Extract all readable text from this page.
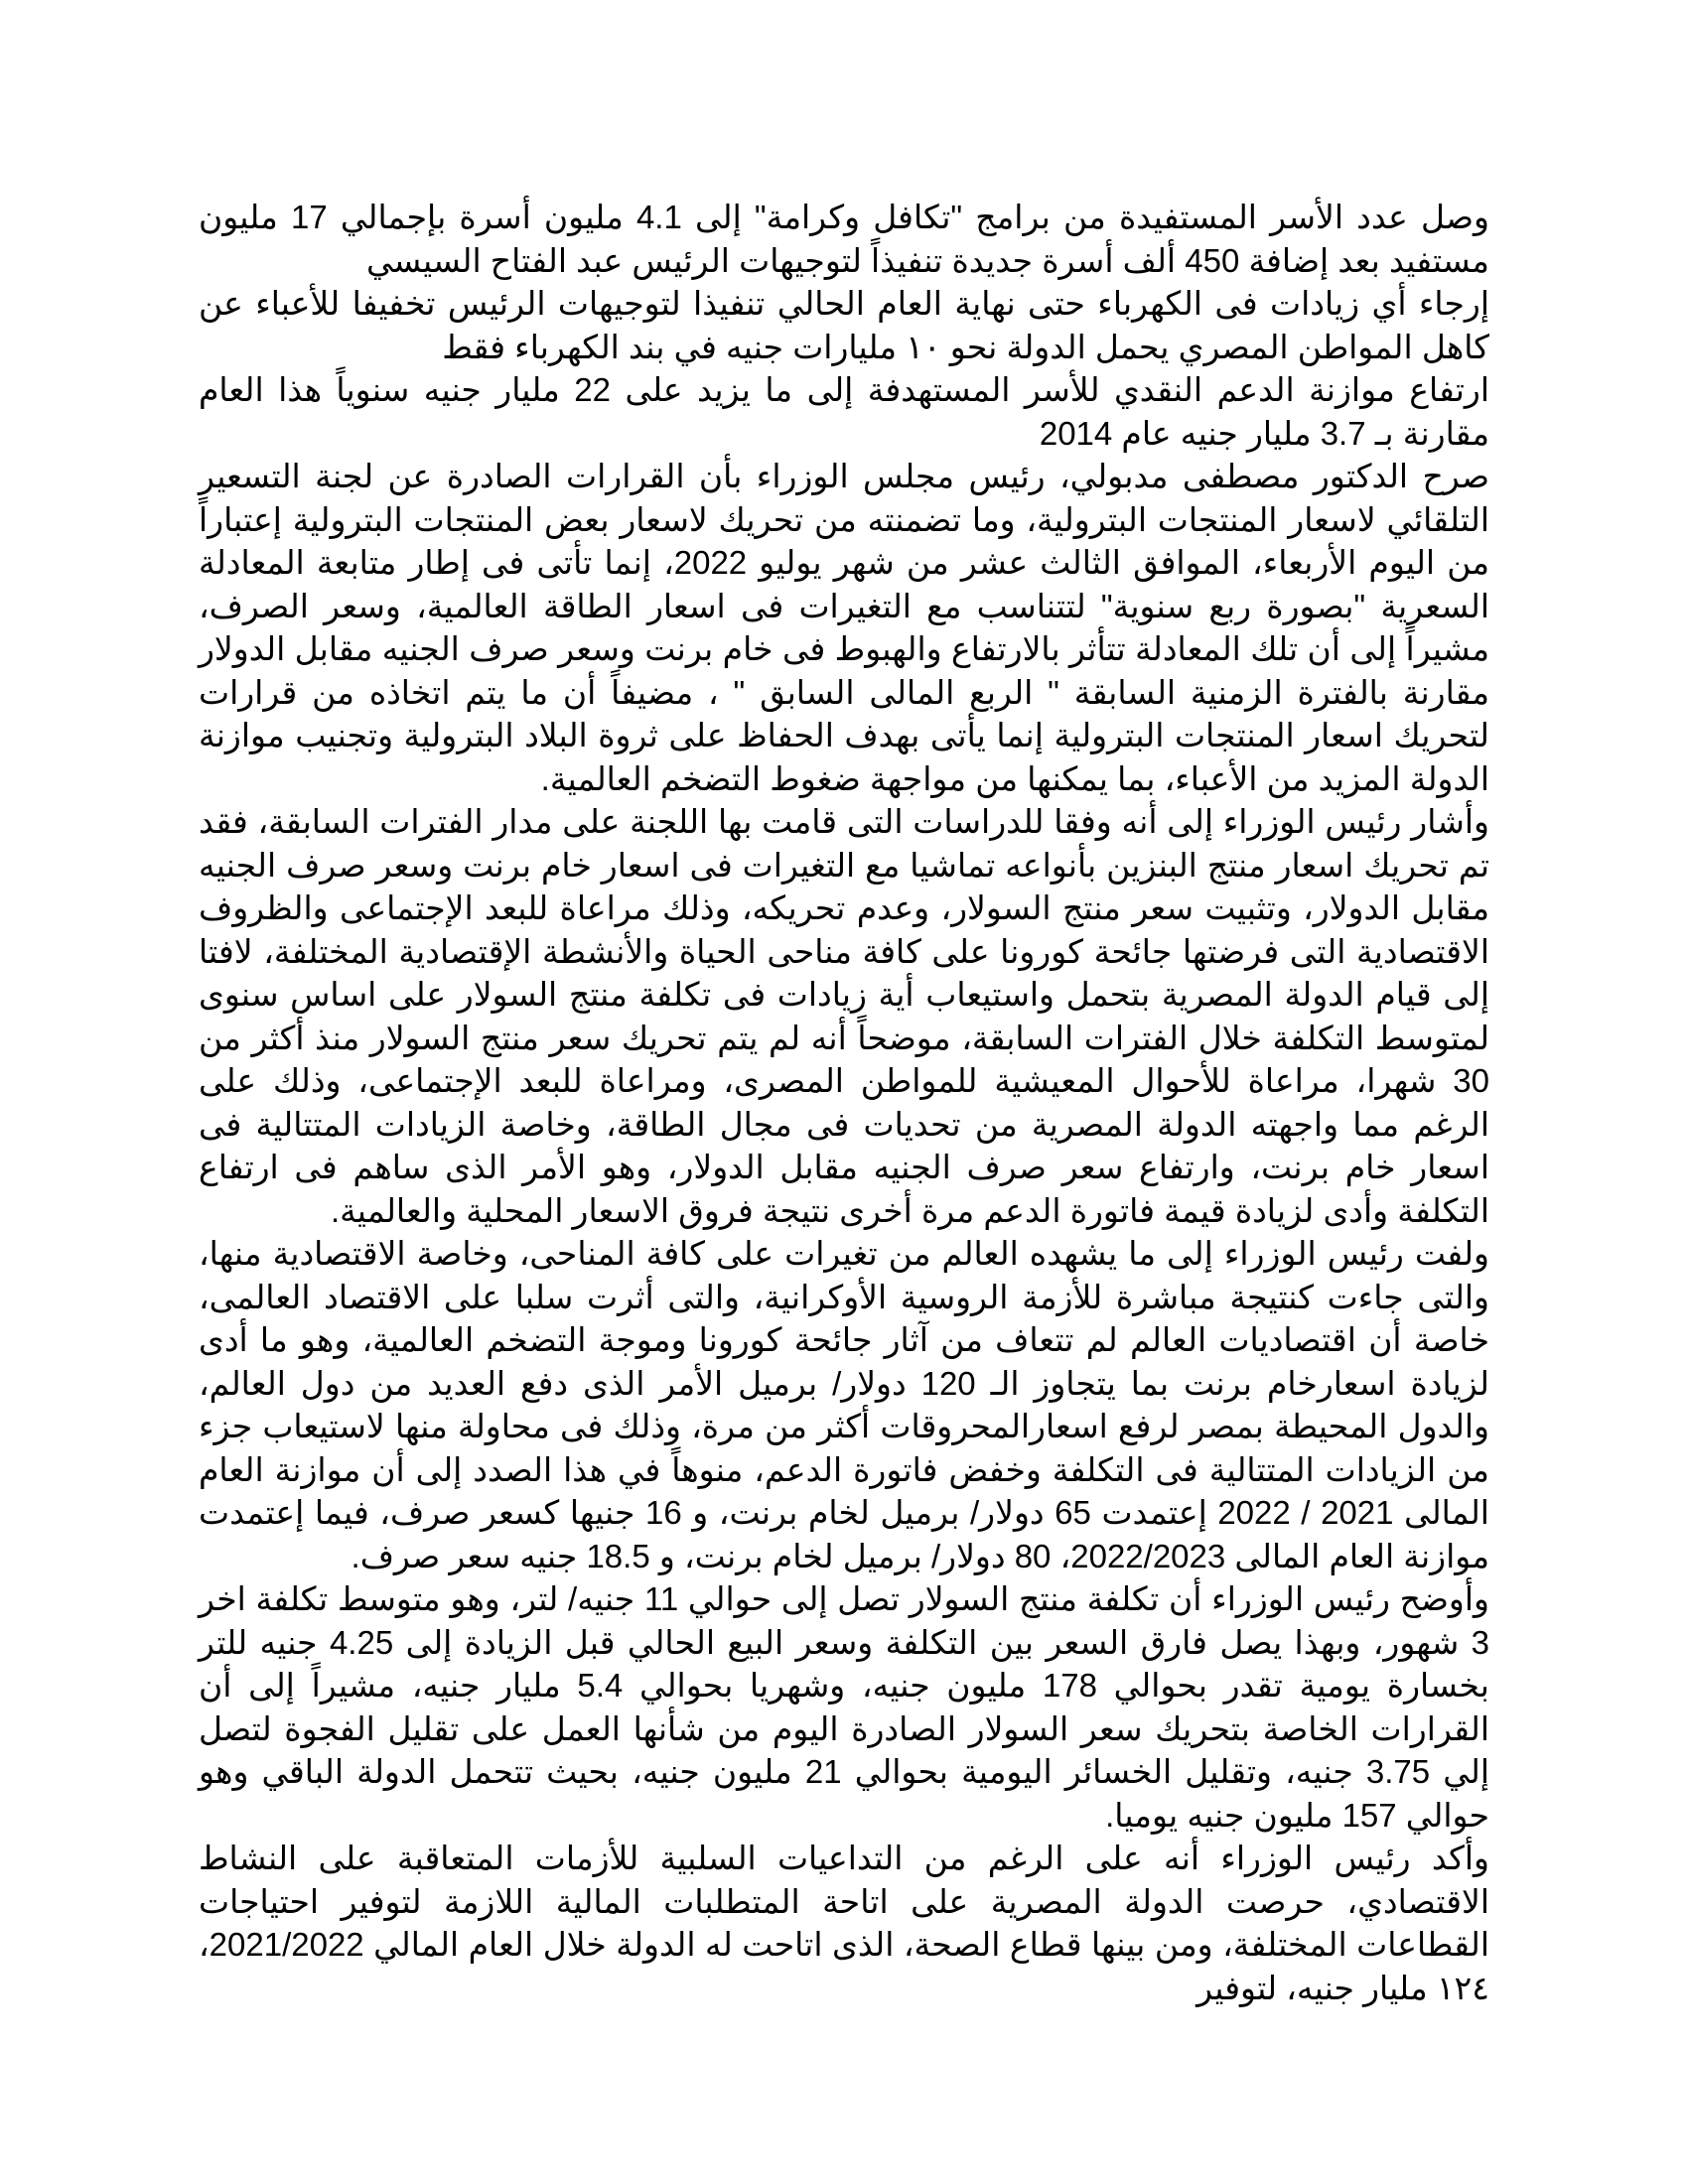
وصل عدد الأسر المستفيدة من برامج "تكافل وكرامة" إلى 4.1 مليون أسرة بإجمالي 17 مليون مستفيد بعد إضافة 450 ألف أسرة جديدة تنفيذاً لتوجيهات الرئيس عبد الفتاح السيسي

إرجاء أي زيادات فى الكهرباء حتى نهاية العام الحالي تنفيذا لتوجيهات الرئيس تخفيفا للأعباء عن كاهل المواطن المصري يحمل الدولة نحو ١٠ مليارات جنيه في بند الكهرباء فقط

ارتفاع موازنة الدعم النقدي للأسر المستهدفة إلى ما يزيد على 22 مليار جنيه سنوياً هذا العام مقارنة بـ 3.7 مليار جنيه عام 2014

صرح الدكتور مصطفى مدبولي، رئيس مجلس الوزراء بأن القرارات الصادرة عن لجنة التسعير التلقائي لاسعار المنتجات البترولية، وما تضمنته من تحريك لاسعار بعض المنتجات البترولية إعتباراً من اليوم الأربعاء، الموافق الثالث عشر من شهر يوليو 2022، إنما تأتى فى إطار متابعة المعادلة السعرية "بصورة ربع سنوية" لتتناسب مع التغيرات فى اسعار الطاقة العالمية، وسعر الصرف، مشيراً إلى أن تلك المعادلة تتأثر بالارتفاع والهبوط فى خام برنت وسعر صرف الجنيه مقابل الدولار مقارنة بالفترة الزمنية السابقة " الربع المالى السابق " ، مضيفاً أن ما يتم اتخاذه من قرارات لتحريك اسعار المنتجات البترولية إنما يأتى بهدف الحفاظ على ثروة البلاد البترولية وتجنيب موازنة الدولة المزيد من الأعباء، بما يمكنها من مواجهة ضغوط التضخم العالمية.

وأشار رئيس الوزراء إلى أنه وفقا للدراسات التى قامت بها اللجنة على مدار الفترات السابقة، فقد تم تحريك اسعار منتج البنزين بأنواعه تماشيا مع التغيرات فى اسعار خام برنت وسعر صرف الجنيه مقابل الدولار، وتثبيت سعر منتج السولار، وعدم تحريكه، وذلك مراعاة للبعد الإجتماعى والظروف الاقتصادية التى فرضتها جائحة كورونا على كافة مناحى الحياة والأنشطة الإقتصادية المختلفة، لافتا إلى قيام الدولة المصرية بتحمل واستيعاب أية زيادات فى تكلفة منتج السولار على اساس سنوى لمتوسط التكلفة خلال الفترات السابقة، موضحاً أنه لم يتم تحريك سعر منتج السولار منذ أكثر من 30 شهرا، مراعاة للأحوال المعيشية للمواطن المصرى، ومراعاة للبعد الإجتماعى، وذلك على الرغم مما واجهته الدولة المصرية من تحديات فى مجال الطاقة، وخاصة الزيادات المتتالية فى اسعار خام برنت، وارتفاع سعر صرف الجنيه مقابل الدولار، وهو الأمر الذى ساهم فى ارتفاع التكلفة وأدى لزيادة قيمة فاتورة الدعم مرة أخرى نتيجة فروق الاسعار المحلية والعالمية.

ولفت رئيس الوزراء إلى ما يشهده العالم من تغيرات على كافة المناحى، وخاصة الاقتصادية منها، والتى جاءت كنتيجة مباشرة للأزمة الروسية الأوكرانية، والتى أثرت سلبا على الاقتصاد العالمى، خاصة أن اقتصاديات العالم لم تتعاف من آثار جائحة كورونا وموجة التضخم العالمية، وهو ما أدى لزيادة اسعارخام برنت بما يتجاوز الـ 120 دولار/ برميل الأمر الذى دفع العديد من دول العالم، والدول المحيطة بمصر لرفع اسعارالمحروقات أكثر من مرة، وذلك فى محاولة منها لاستيعاب جزء من الزيادات المتتالية فى التكلفة وخفض فاتورة الدعم، منوهاً في هذا الصدد إلى أن موازنة العام المالى 2021 / 2022 إعتمدت 65 دولار/ برميل لخام برنت، و 16 جنيها كسعر صرف، فيما إعتمدت موازنة العام المالى 2022/2023، 80 دولار/ برميل لخام برنت، و 18.5 جنيه سعر صرف.

وأوضح رئيس الوزراء أن تكلفة منتج السولار تصل إلى حوالي 11 جنيه/ لتر، وهو متوسط تكلفة اخر 3 شهور، وبهذا يصل فارق السعر بين التكلفة وسعر البيع الحالي قبل الزيادة إلى 4.25 جنيه للتر بخسارة يومية تقدر بحوالي 178 مليون جنيه، وشهريا بحوالي 5.4 مليار جنيه، مشيراً إلى أن القرارات الخاصة بتحريك سعر السولار الصادرة اليوم من شأنها العمل على تقليل الفجوة لتصل إلي 3.75 جنيه، وتقليل الخسائر اليومية بحوالي 21 مليون جنيه، بحيث تتحمل الدولة الباقي وهو حوالي 157 مليون جنيه يوميا.

وأكد رئيس الوزراء أنه على الرغم من التداعيات السلبية للأزمات المتعاقبة على النشاط الاقتصادي، حرصت الدولة المصرية على اتاحة المتطلبات المالية اللازمة لتوفير احتياجات القطاعات المختلفة، ومن بينها قطاع الصحة، الذى اتاحت له الدولة خلال العام المالي 2021/2022، ١٢٤ مليار جنيه، لتوفير
